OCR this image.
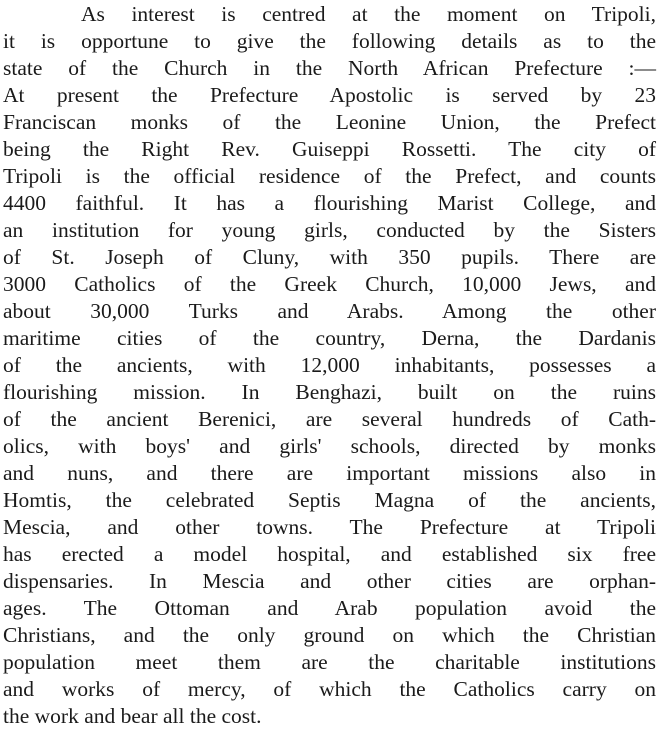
As interest is centred at the moment on Tripoli,
it is opportune to give the following details as to the
state of the Church in the North African Prefecture :—
At present the Prefecture Apostolic is served by 23
Franciscan monks of the Leonine Union, the Prefect
being the Right Rev. Guiseppi Rossetti. The city of
Tripoli is the official residence of the Prefect, and counts
4400 faithful. It has a flourishing Marist College, and
an institution for young girls, conducted by the Sisters
of St. Joseph of Cluny, with 350 pupils. There are
3000 Catholics of the Greek Church, 10,000 Jews, and
about 30,000 Turks and Arabs. Among the other
maritime cities of the country, Derna, the Dardanis
of the ancients, with 12,000 inhabitants, possesses a
flourishing mission. In Benghazi, built on the ruins
of the ancient Berenici, are several hundreds of Cath-
olics, with boys' and girls' schools, directed by monks
and nuns, and there are important missions also in
Homtis, the celebrated Septis Magna of the ancients,
Mescia, and other towns. The Prefecture at Tripoli
has erected a model hospital, and established six free
dispensaries. In Mescia and other cities are orphan-
ages. The Ottoman and Arab population avoid the
Christians, and the only ground on which the Christian
population meet them are the charitable institutions
and works of mercy, of which the Catholics carry on
the work and bear all the cost.
